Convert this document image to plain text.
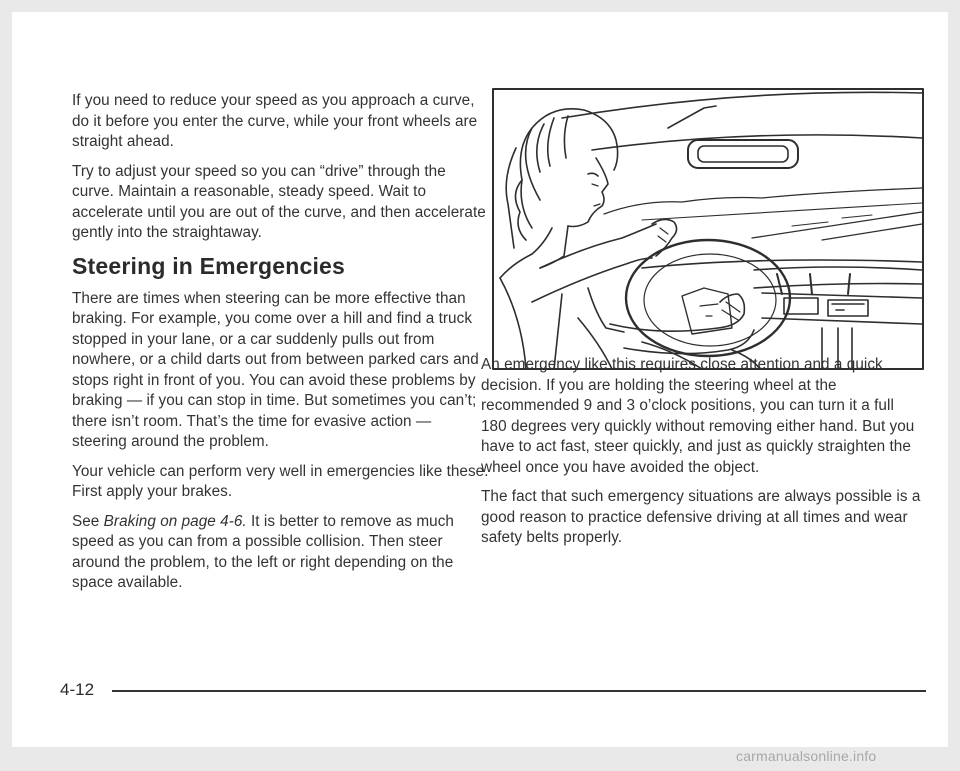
If you need to reduce your speed as you approach a curve, do it before you enter the curve, while your front wheels are straight ahead.

Try to adjust your speed so you can “drive” through the curve. Maintain a reasonable, steady speed. Wait to accelerate until you are out of the curve, and then accelerate gently into the straightaway.

Steering in Emergencies

There are times when steering can be more effective than braking. For example, you come over a hill and find a truck stopped in your lane, or a car suddenly pulls out from nowhere, or a child darts out from between parked cars and stops right in front of you. You can avoid these problems by braking — if you can stop in time. But sometimes you can’t; there isn’t room. That’s the time for evasive action — steering around the problem.

Your vehicle can perform very well in emergencies like these. First apply your brakes.

See Braking on page 4-6. It is better to remove as much speed as you can from a possible collision. Then steer around the problem, to the left or right depending on the space available.

An emergency like this requires close attention and a quick decision. If you are holding the steering wheel at the recommended 9 and 3 o’clock positions, you can turn it a full 180 degrees very quickly without removing either hand. But you have to act fast, steer quickly, and just as quickly straighten the wheel once you have avoided the object.

The fact that such emergency situations are always possible is a good reason to practice defensive driving at all times and wear safety belts properly.

4-12
carmanualsonline.info
